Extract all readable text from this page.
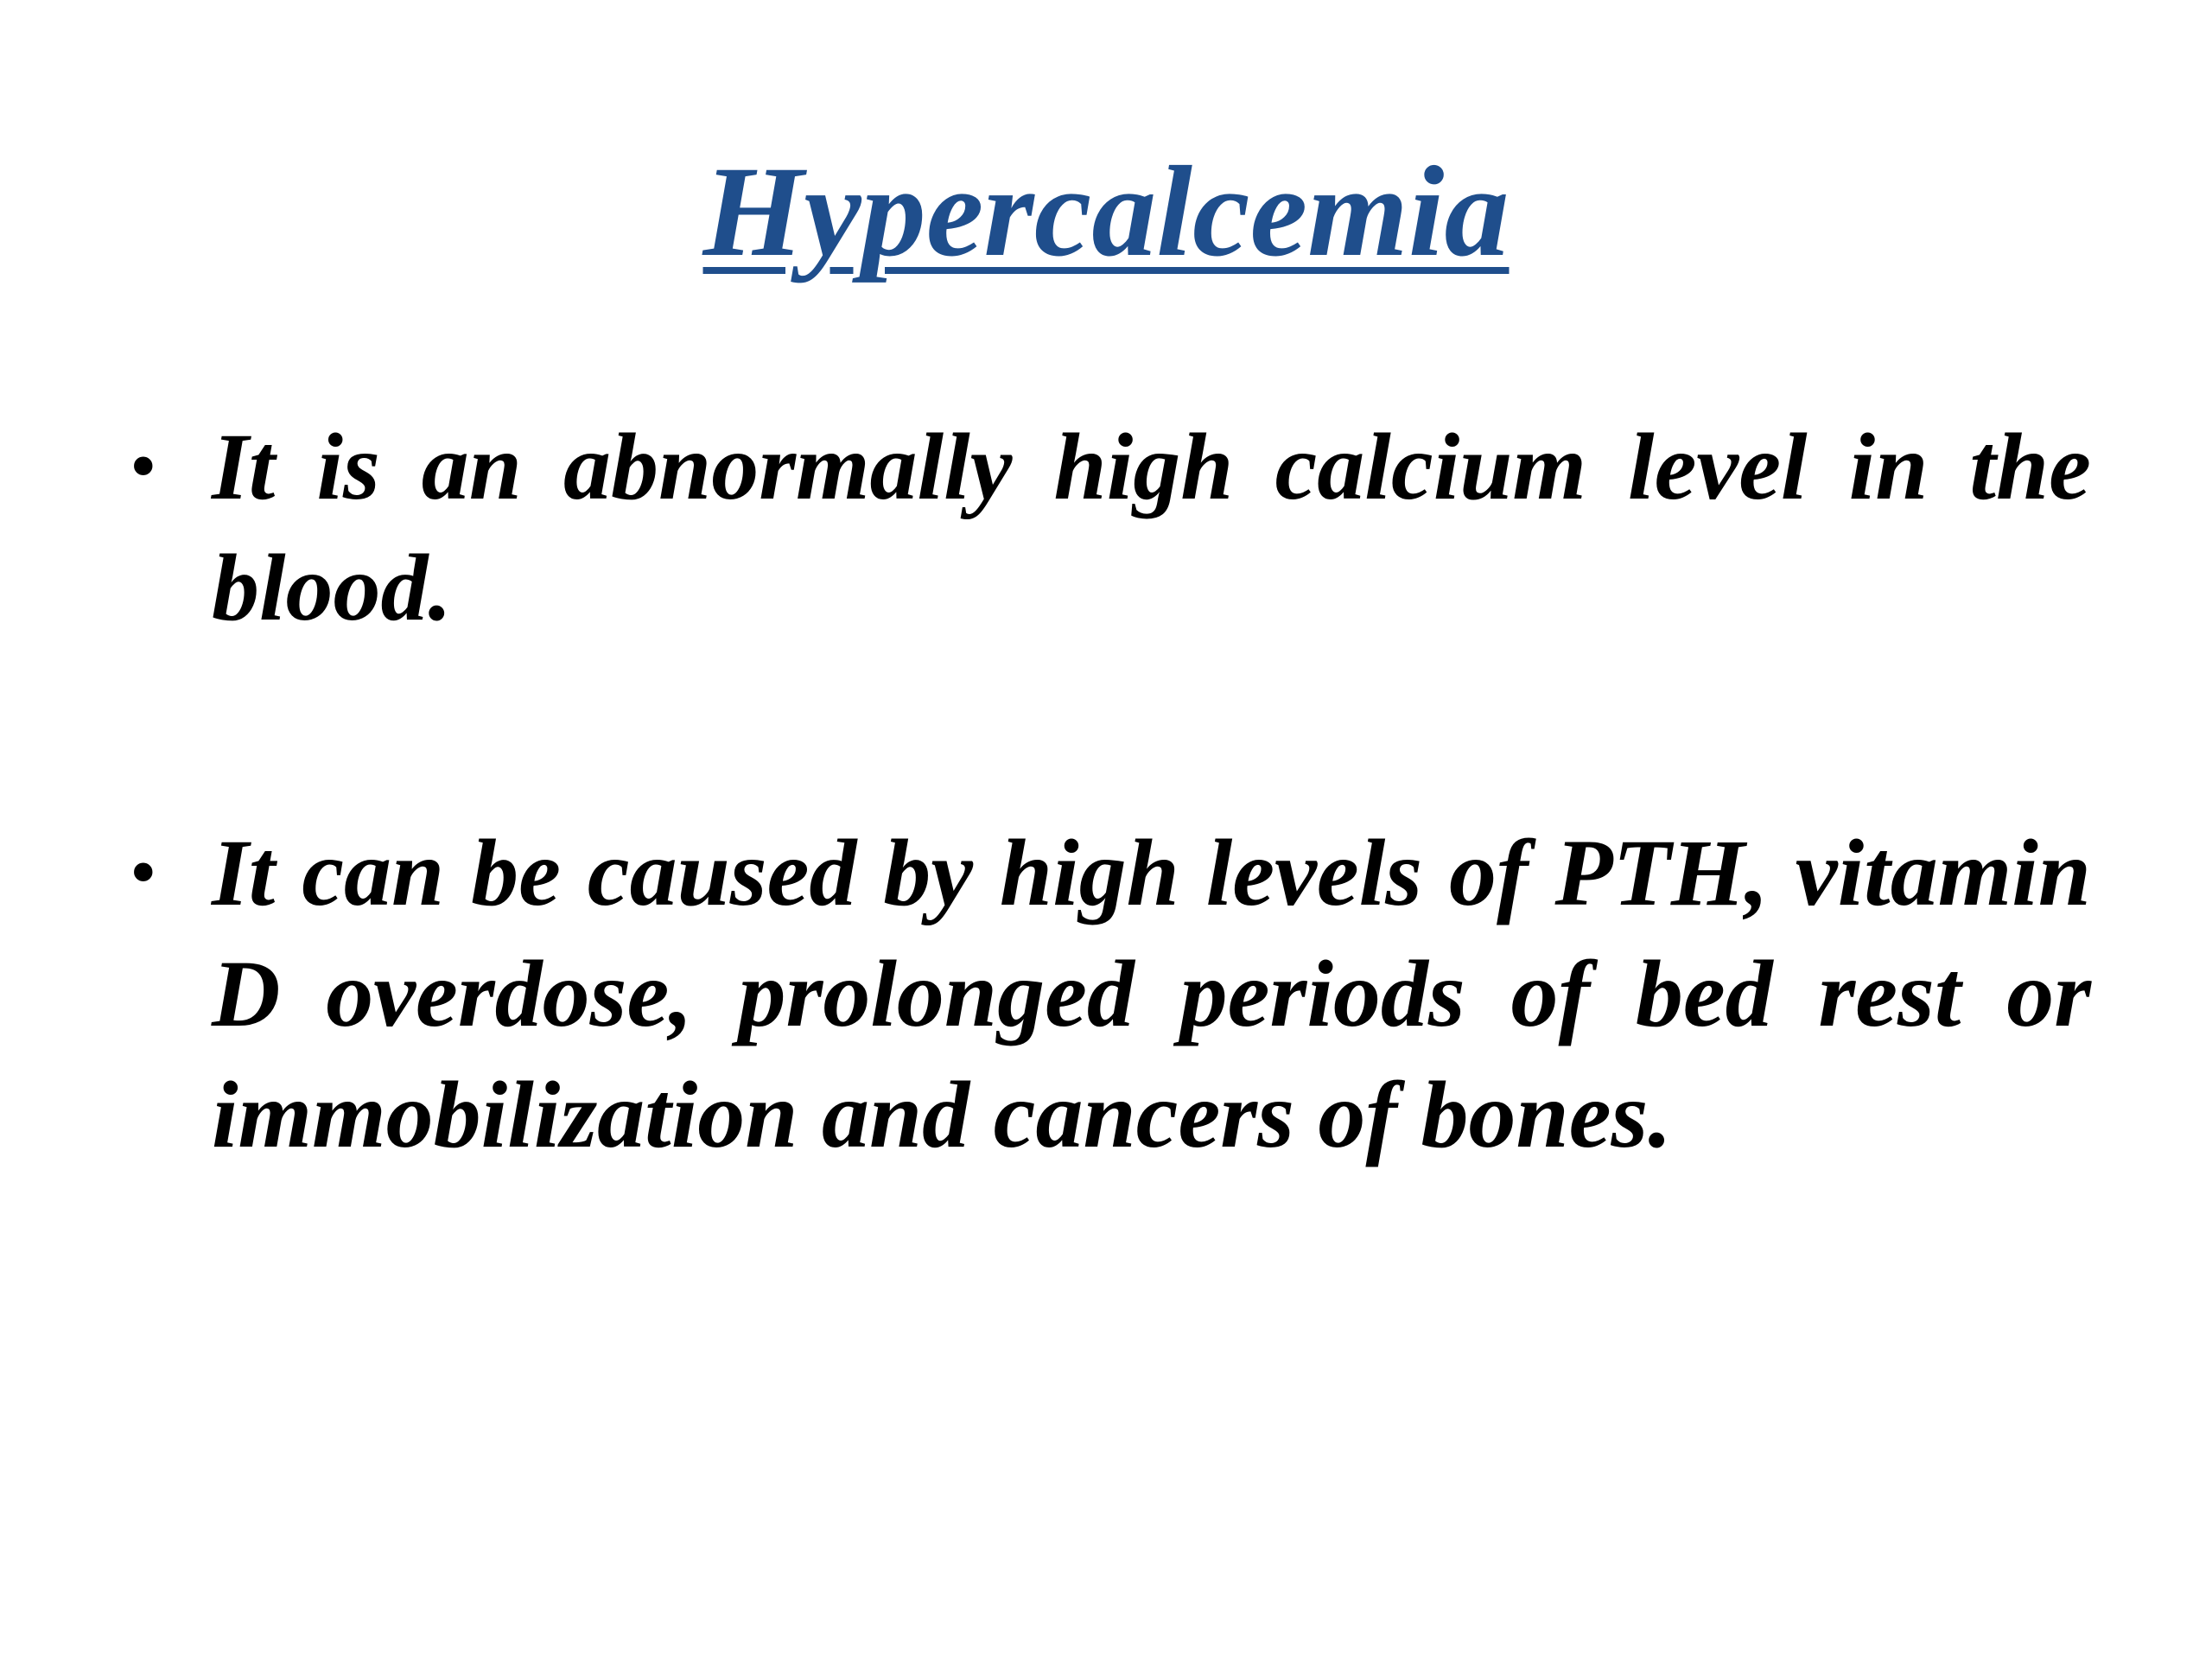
Hypercalcemia
• It is an abnormally high calcium level in the blood.
• It can be caused by high levels of PTH, vitamin D overdose, prolonged periods of bed rest or immobilization and cancers of bones.
